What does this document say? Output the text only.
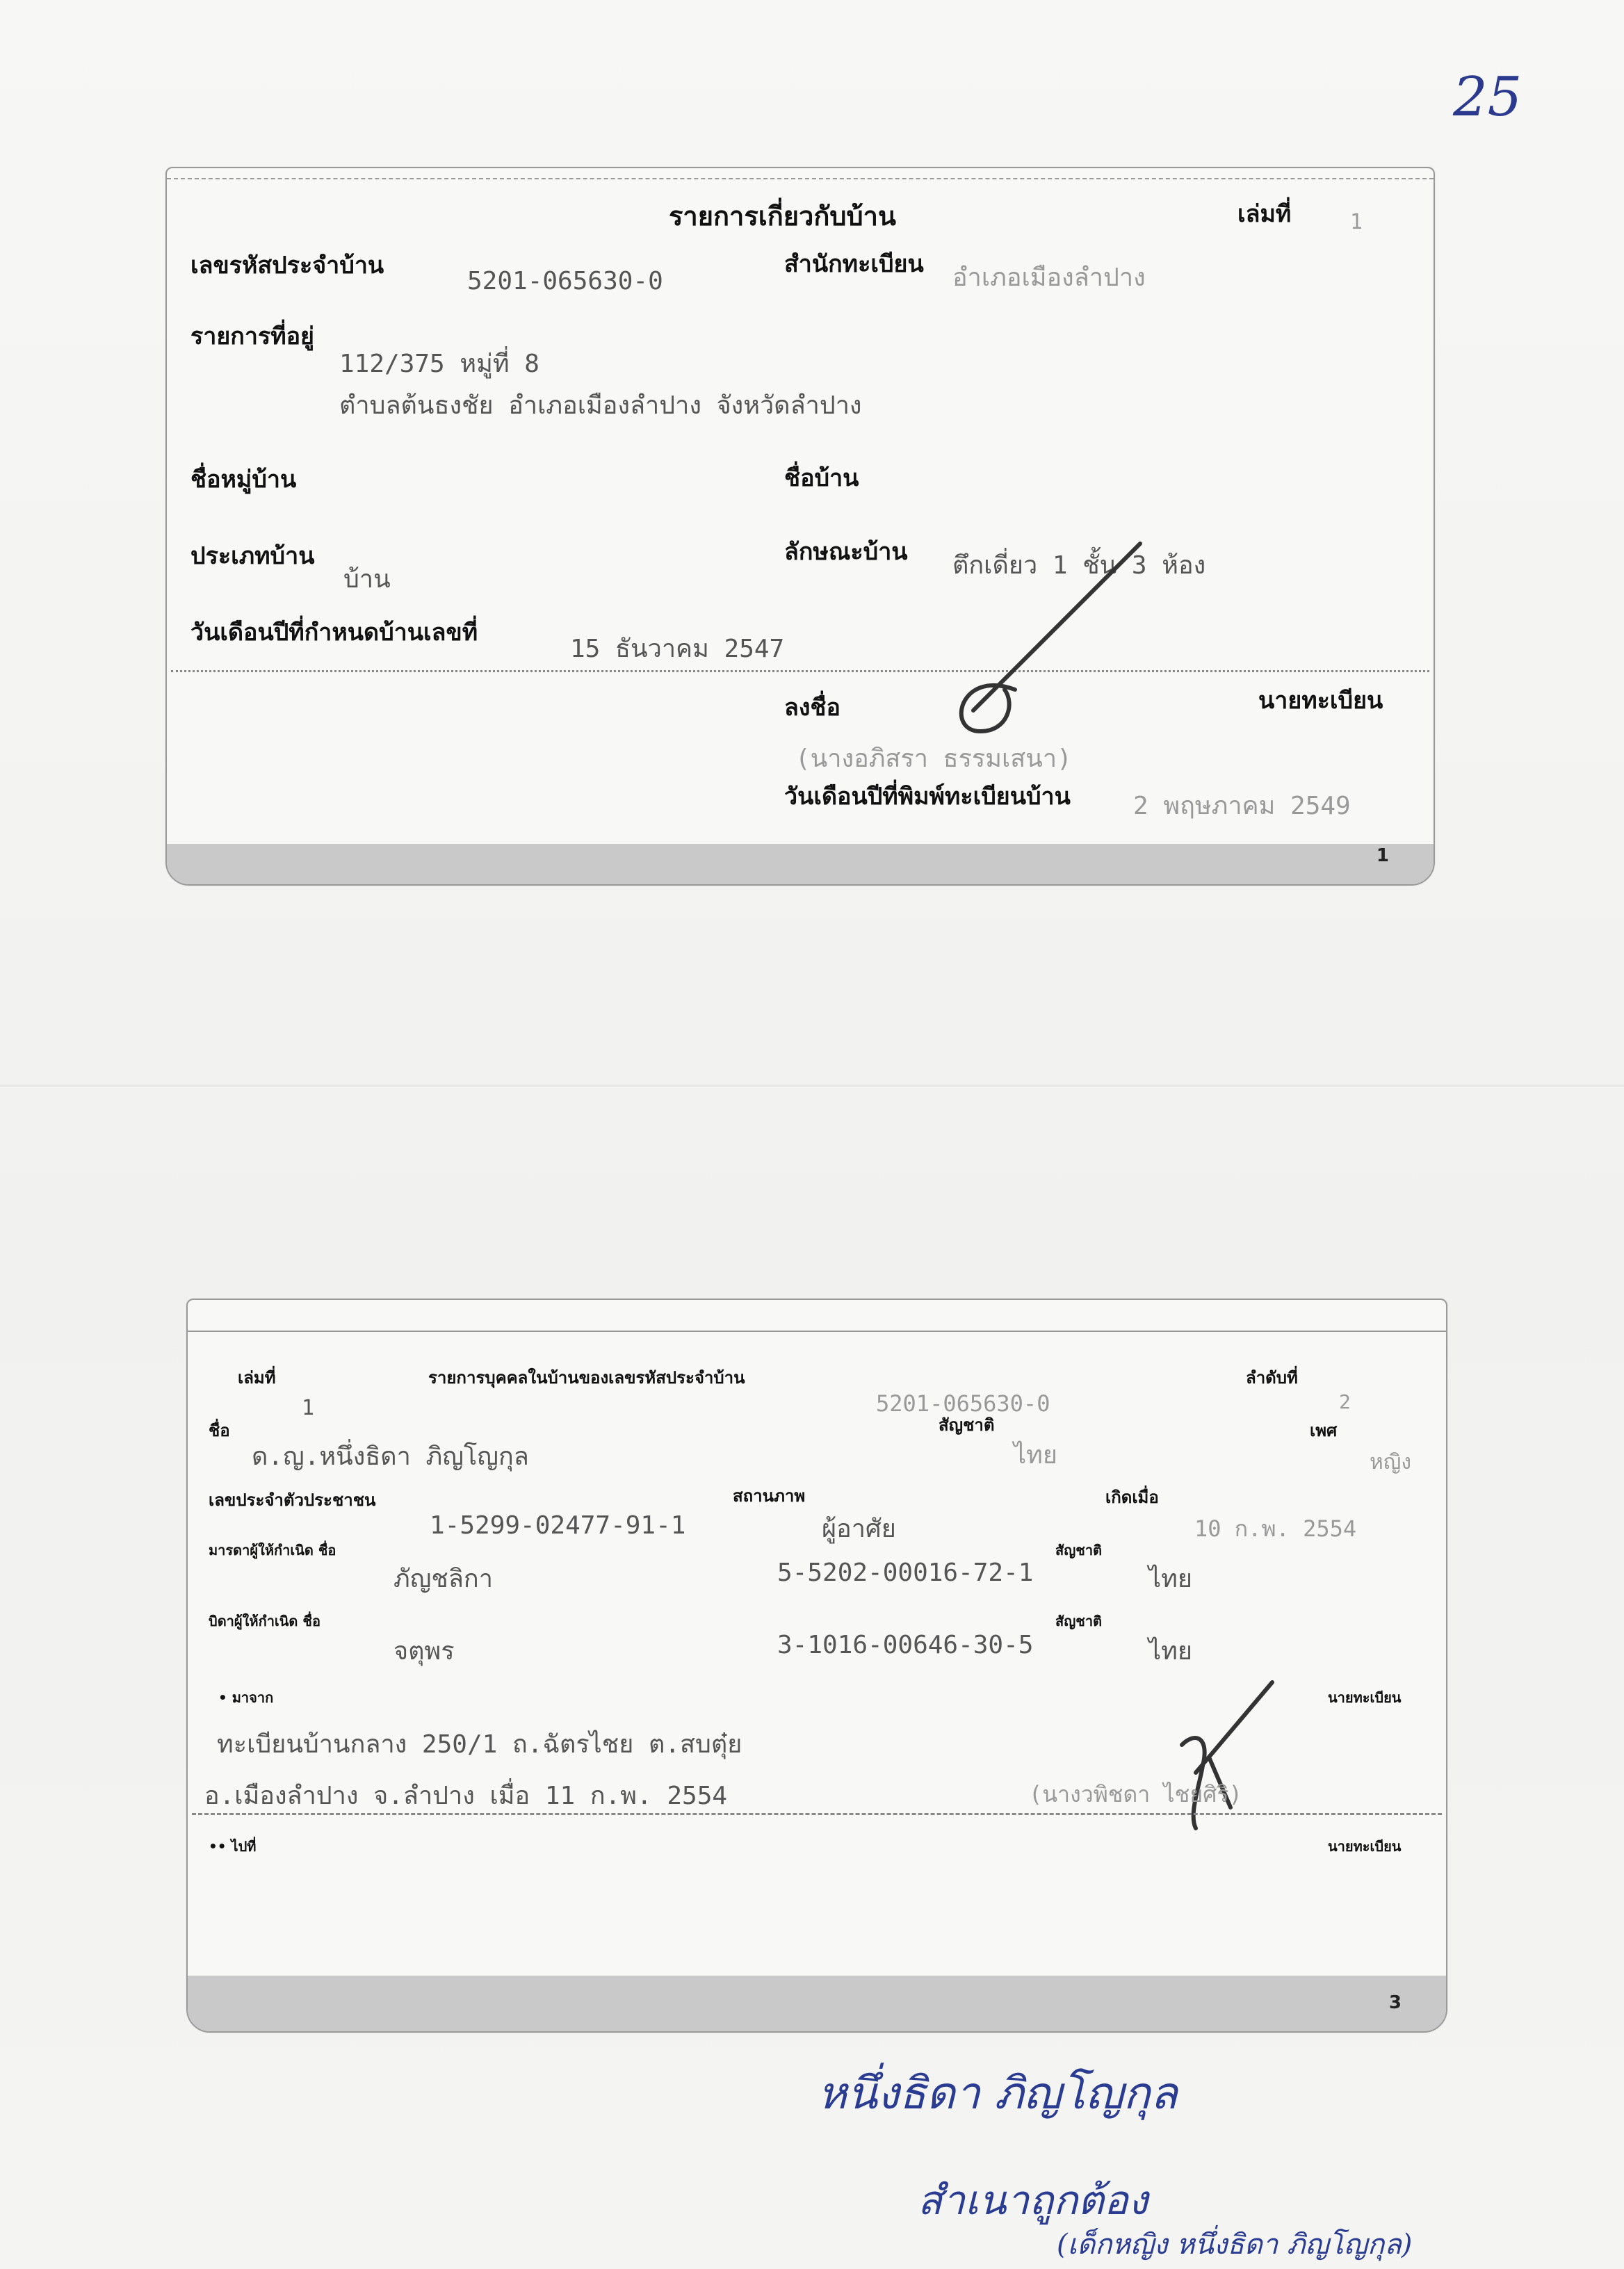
25
รายการเกี่ยวกับบ้าน	เล่มที่	1
เลขรหัสประจำบ้าน
5201-065630-0
สำนักทะเบียน อำเภอเมืองลำปาง
รายการที่อยู่
112/375 หมู่ที่ 8
ตำบลต้นธงชัย อำเภอเมืองลำปาง จังหวัดลำปาง
ชื่อหมู่บ้าน	ชื่อบ้าน
ประเภทบ้าน
บ้าน
ลักษณะบ้าน ตึกเดี่ยว 1 ชั้น 3 ห้อง
วันเดือนปีที่กำหนดบ้านเลขที่
15 ธันวาคม 2547
ลงชื่อ	นายทะเบียน
(นางอภิสรา ธรรมเสนา)
วันเดือนปีที่พิมพ์ทะเบียนบ้าน	2 พฤษภาคม 2549
1
เล่มที่
1
รายการบุคคลในบ้านของเลขรหัสประจำบ้าน
5201-065630-0
ลำดับที่
2
ชื่อ
ด.ญ.หนึ่งธิดา ภิญโญกุล
สัญชาติ
ไทย
เพศ
หญิง
เลขประจำตัวประชาชน
1-5299-02477-91-1
สถานภาพ
ผู้อาศัย
เกิดเมื่อ
10 ก.พ. 2554
มารดาผู้ให้กำเนิด ชื่อ
ภัญชลิกา	5-5202-00016-72-1
สัญชาติ
ไทย
บิดาผู้ให้กำเนิด ชื่อ
จตุพร	3-1016-00646-30-5
สัญชาติ
ไทย
• มาจาก	นายทะเบียน
ทะเบียนบ้านกลาง 250/1 ถ.ฉัตรไชย ต.สบตุ๋ย
อ.เมืองลำปาง จ.ลำปาง เมื่อ 11 ก.พ. 2554	(นางวพิชดา ไชยศิริ)
•• ไปที่	นายทะเบียน
3
หนึ่งธิดา ภิญโญกุล
สำเนาถูกต้อง
(เด็กหญิง หนึ่งธิดา ภิญโญกุล)
